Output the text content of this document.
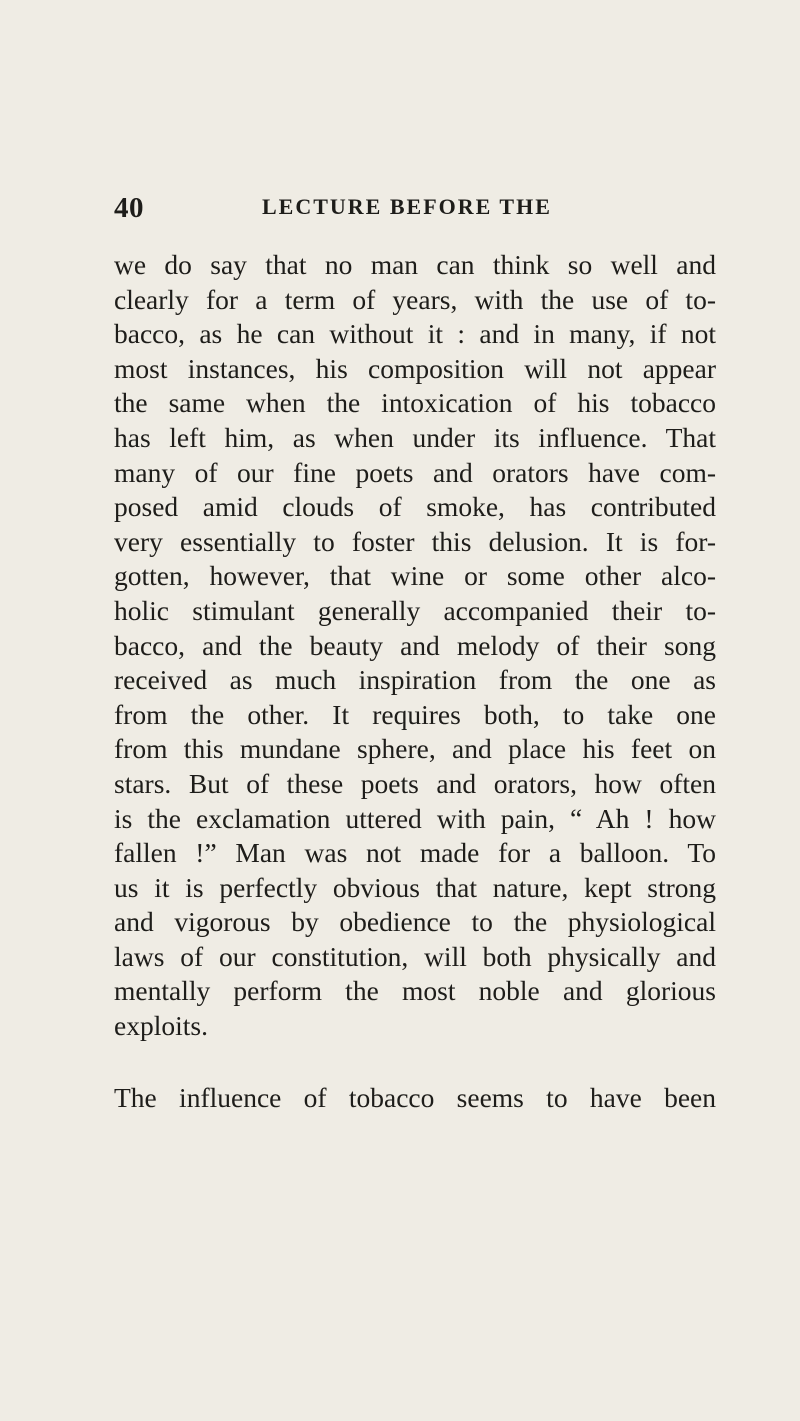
40	LECTURE BEFORE THE
we do say that no man can think so well and
clearly for a term of years, with the use of to-
bacco, as he can without it : and in many, if not
most instances, his composition will not appear
the same when the intoxication of his tobacco
has left him, as when under its influence. That
many of our fine poets and orators have com-
posed amid clouds of smoke, has contributed
very essentially to foster this delusion. It is for-
gotten, however, that wine or some other alco-
holic stimulant generally accompanied their to-
bacco, and the beauty and melody of their song
received as much inspiration from the one as
from the other. It requires both, to take one
from this mundane sphere, and place his feet on
stars. But of these poets and orators, how often
is the exclamation uttered with pain, “ Ah ! how
fallen !” Man was not made for a balloon. To
us it is perfectly obvious that nature, kept strong
and vigorous by obedience to the physiological
laws of our constitution, will both physically and
mentally perform the most noble and glorious
exploits.
The influence of tobacco seems to have been
